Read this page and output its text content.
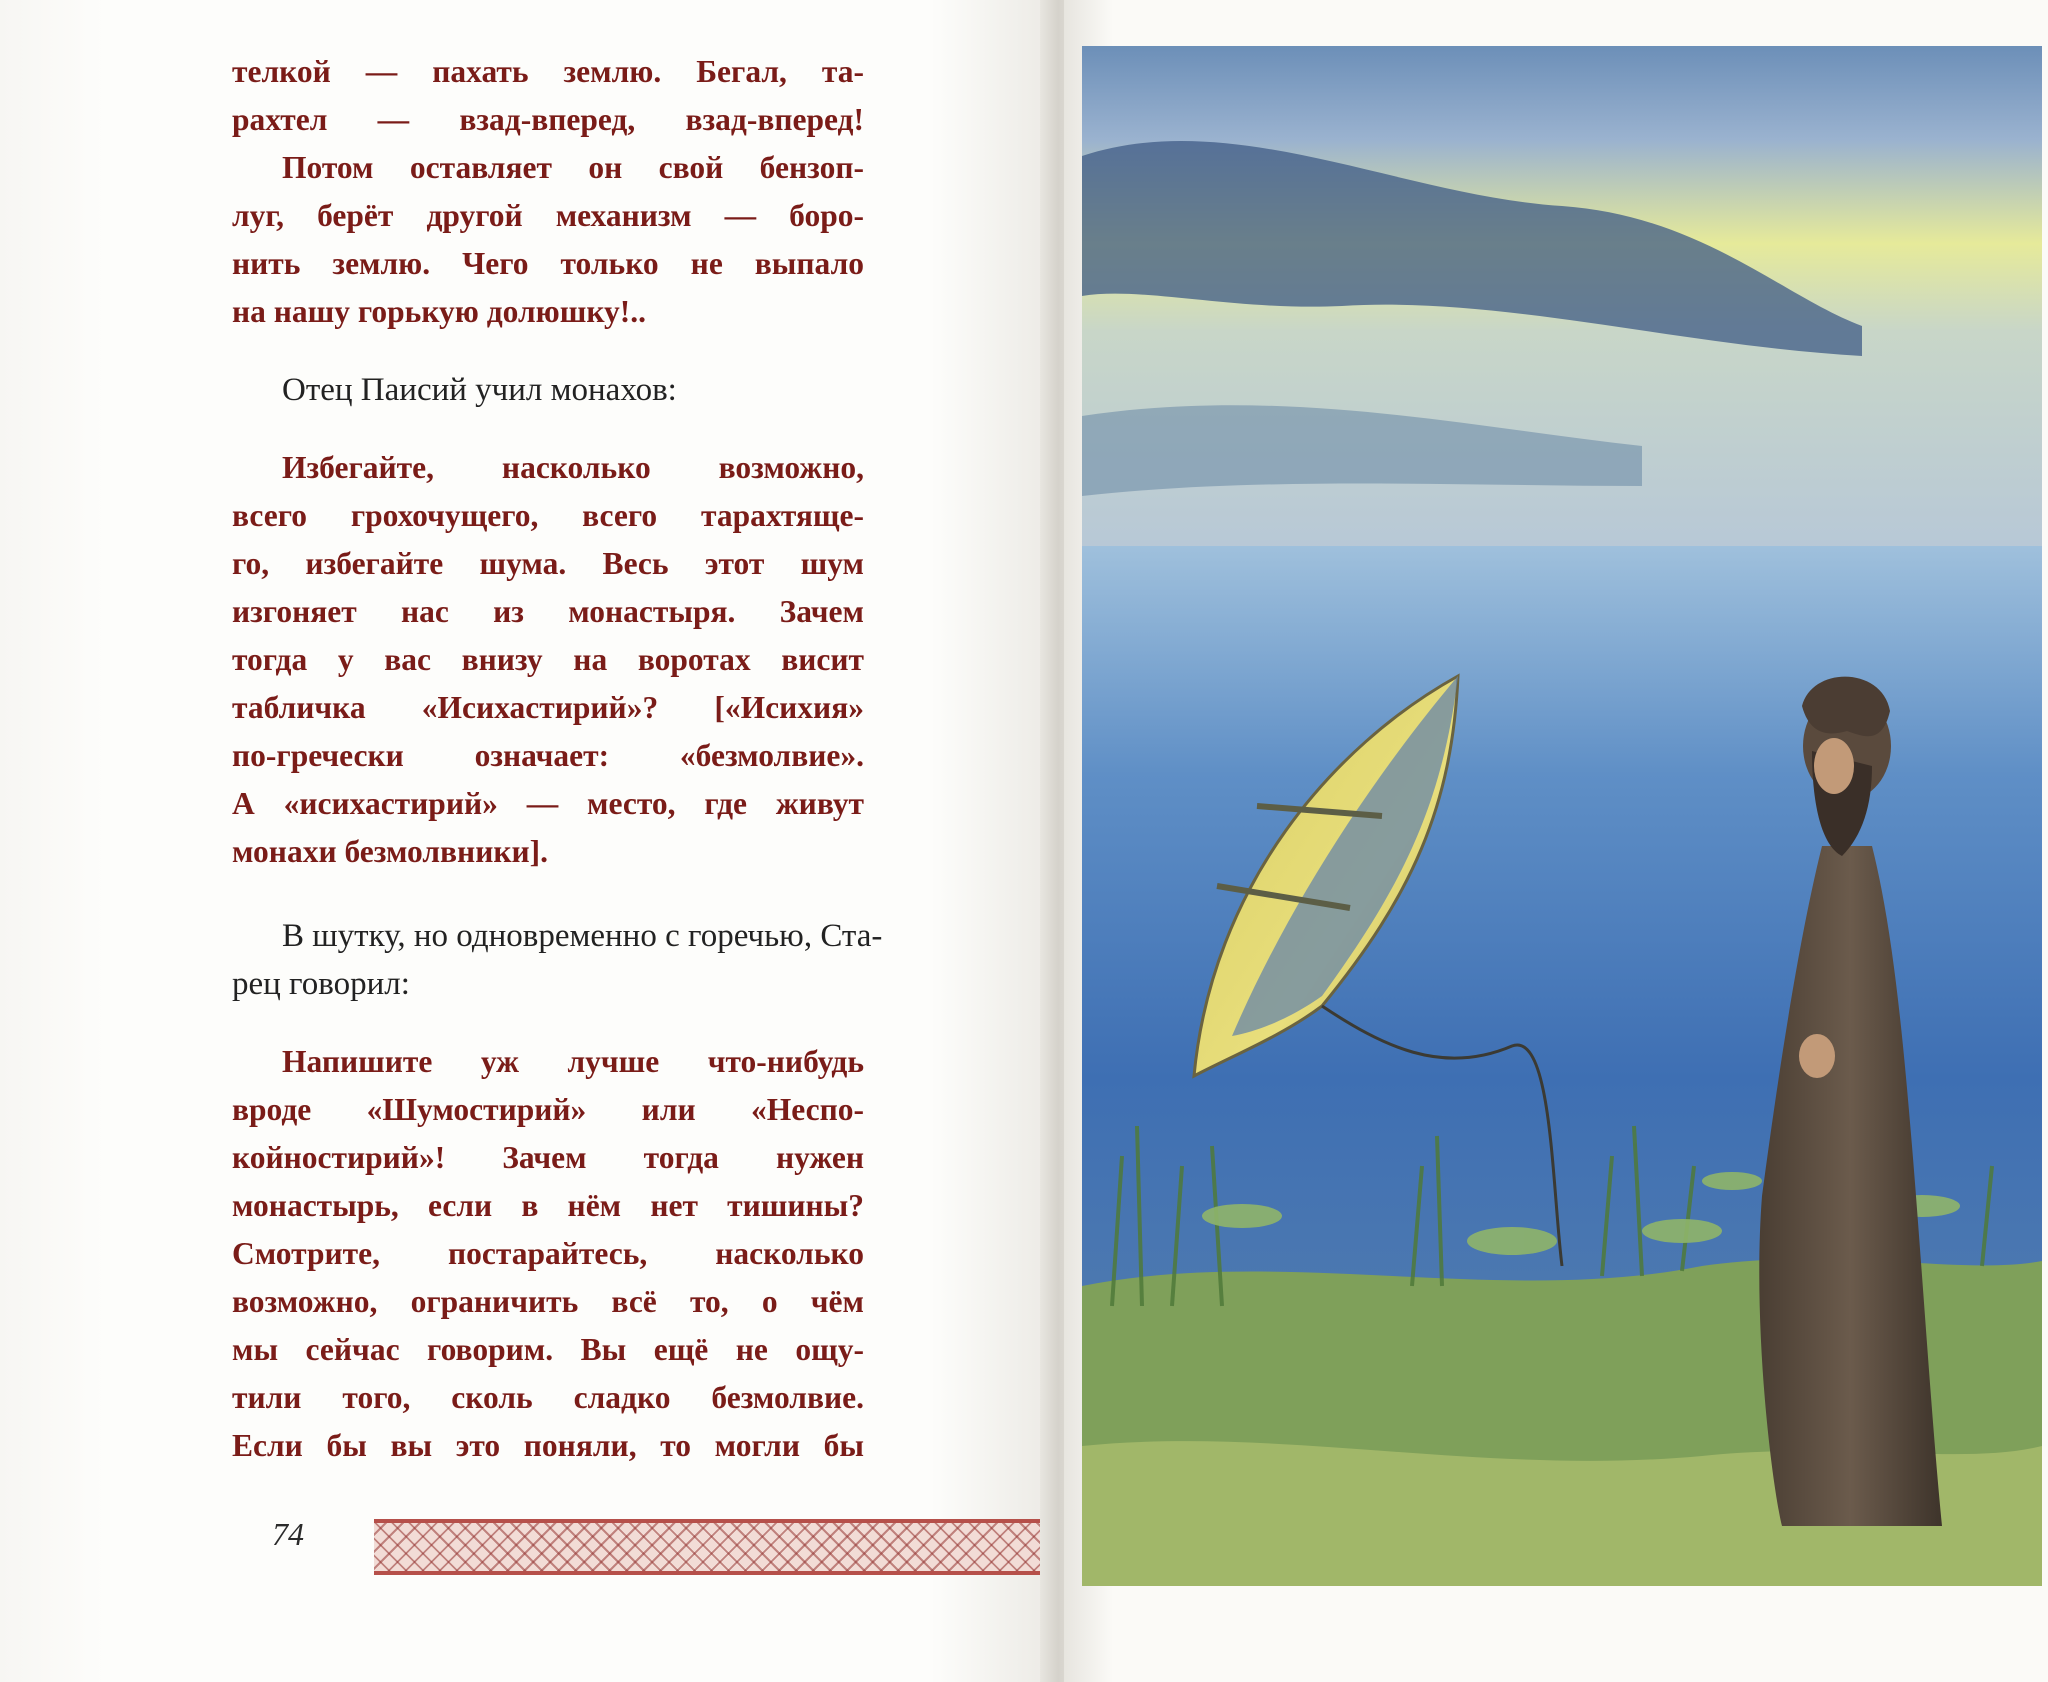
телкой — пахать землю. Бегал, та-
рахтел — взад-вперед, взад-вперед!
Потом оставляет он свой бензоп-
луг, берёт другой механизм — боро-
нить землю. Чего только не выпало
на нашу горькую долюшку!..
Отец Паисий учил монахов:
Избегайте, насколько возможно,
всего грохочущего, всего тарахтяще-
го, избегайте шума. Весь этот шум
изгоняет нас из монастыря. Зачем
тогда у вас внизу на воротах висит
табличка «Исихастирий»? [«Исихия»
по-гречески означает: «безмолвие».
А «исихастирий» — место, где живут
монахи безмолвники].
В шутку, но одновременно с горечью, Ста-
рец говорил:
Напишите уж лучше что-нибудь
вроде «Шумостирий» или «Неспо-
койностирий»! Зачем тогда нужен
монастырь, если в нём нет тишины?
Смотрите, постарайтесь, насколько
возможно, ограничить всё то, о чём
мы сейчас говорим. Вы ещё не ощу-
тили того, сколь сладко безмолвие.
Если бы вы это поняли, то могли бы
74
